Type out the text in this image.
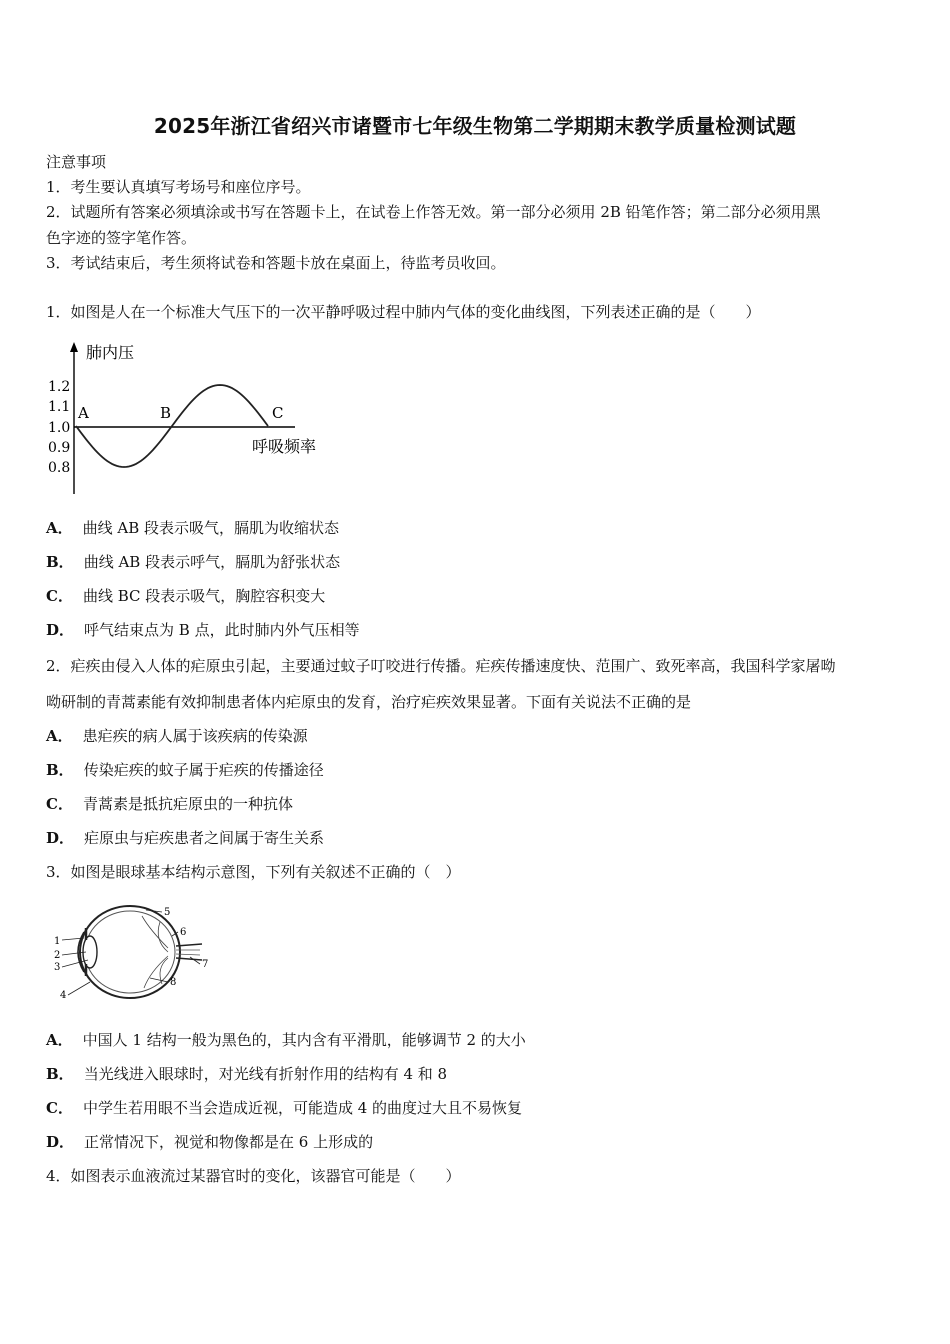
2025年浙江省绍兴市诸暨市七年级生物第二学期期末教学质量检测试题
注意事项
1．考生要认真填写考场号和座位序号。
2．试题所有答案必须填涂或书写在答题卡上，在试卷上作答无效。第一部分必须用 2B 铅笔作答；第二部分必须用黑
色字迹的签字笔作答。
3．考试结束后，考生须将试卷和答题卡放在桌面上，待监考员收回。
1．如图是人在一个标准大气压下的一次平静呼吸过程中肺内气体的变化曲线图，下列表述正确的是（　　）
肺内压
呼吸频率
1.2
1.1
1.0
0.9
0.8
A	B	C
A． 曲线 AB 段表示吸气，膈肌为收缩状态
B． 曲线 AB 段表示呼气，膈肌为舒张状态
C． 曲线 BC 段表示吸气，胸腔容积变大
D． 呼气结束点为 B 点，此时肺内外气压相等
2．疟疾由侵入人体的疟原虫引起，主要通过蚊子叮咬进行传播。疟疾传播速度快、范围广、致死率高，我国科学家屠呦
呦研制的青蒿素能有效抑制患者体内疟原虫的发育，治疗疟疾效果显著。下面有关说法不正确的是
A． 患疟疾的病人属于该疾病的传染源
B． 传染疟疾的蚊子属于疟疾的传播途径
C． 青蒿素是抵抗疟原虫的一种抗体
D． 疟原虫与疟疾患者之间属于寄生关系
3．如图是眼球基本结构示意图，下列有关叙述不正确的（　）
1
2
3
4
5
6
7
8
A． 中国人 1 结构一般为黑色的，其内含有平滑肌，能够调节 2 的大小
B． 当光线进入眼球时，对光线有折射作用的结构有 4 和 8
C． 中学生若用眼不当会造成近视，可能造成 4 的曲度过大且不易恢复
D． 正常情况下，视觉和物像都是在 6 上形成的
4．如图表示血液流过某器官时的变化，该器官可能是（　　）
